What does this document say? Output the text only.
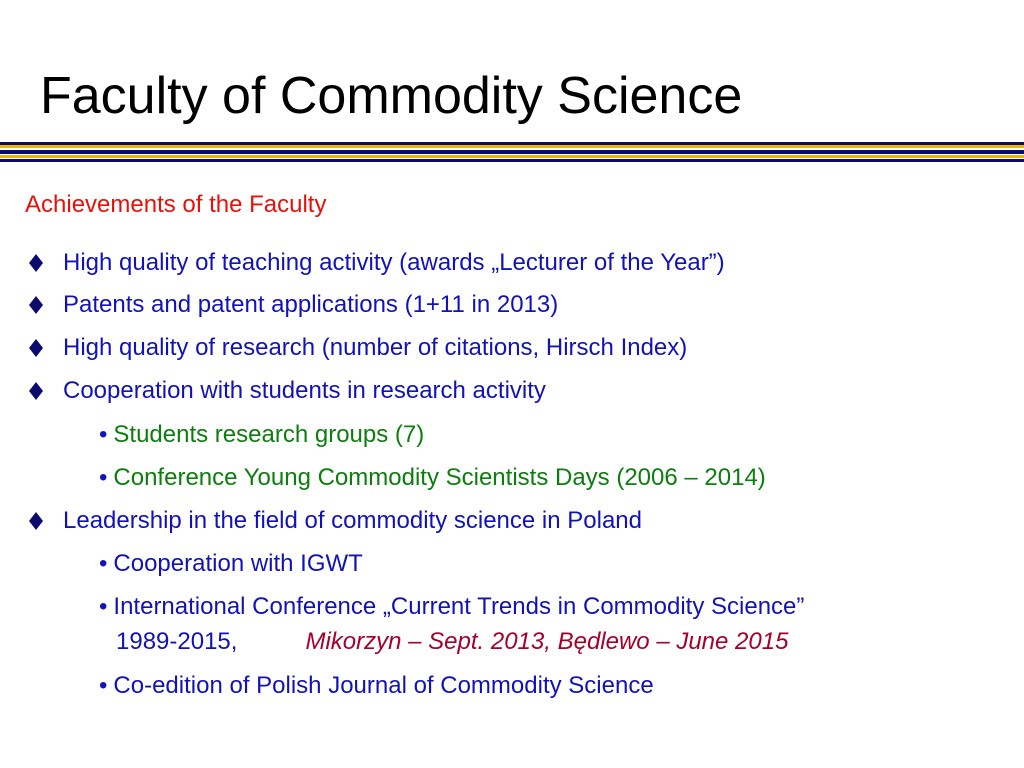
Faculty of Commodity Science
Achievements of the Faculty
High quality of teaching activity (awards „Lecturer of the Year”)
Patents and patent applications (1+11 in 2013)
High quality of research (number of citations, Hirsch Index)
Cooperation with students in research activity
• Students research groups (7)
• Conference Young Commodity Scientists Days (2006 – 2014)
Leadership in the field of commodity science in Poland
• Cooperation with IGWT
• International Conference „Current Trends in Commodity Science”
1989-2015,	Mikorzyn – Sept. 2013, Będlewo – June 2015
• Co-edition of Polish Journal of Commodity Science
